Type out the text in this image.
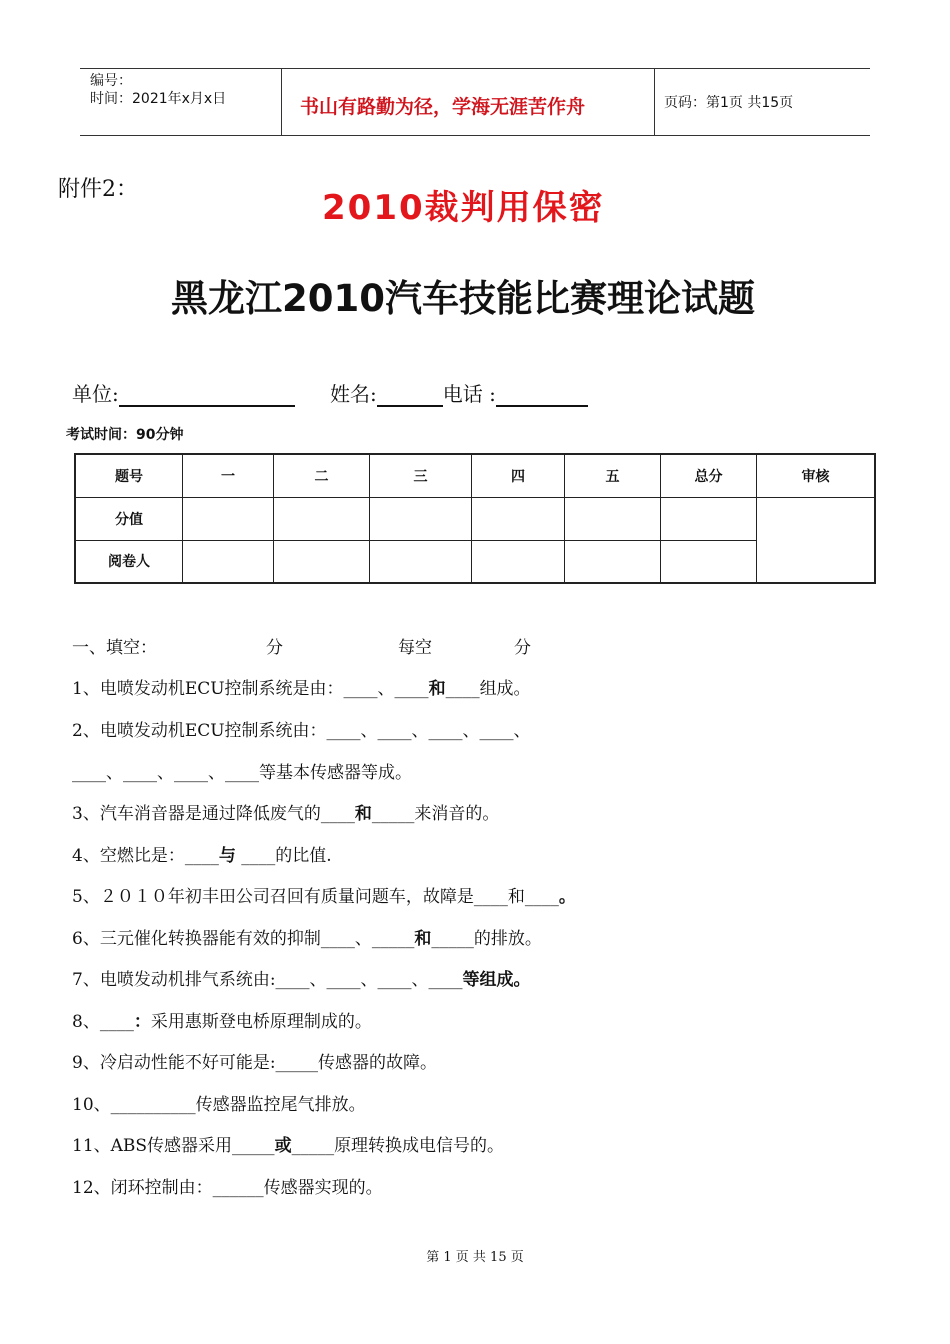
编号：
时间：2021年x月x日	书山有路勤为径，学海无涯苦作舟	页码：第1页 共15页
附件2：	2010裁判用保密
黑龙江2010汽车技能比赛理论试题
单位:	姓名:	电话 :
考试时间：90分钟
题号	一	二	三	四	五	总分	审核
分值							
阅卷人							
一、填空：	分	每空	分
1、电喷发动机ECU控制系统是由：____、____和____组成。
2、电喷发动机ECU控制系统由：____、____、____、____、
____、____、____、____等基本传感器等成。
3、汽车消音器是通过降低废气的____和_____来消音的。
4、空燃比是：____与 ____的比值.
5、２０１０年初丰田公司召回有质量问题车，故障是____和____。
6、三元催化转换器能有效的抑制____、_____和_____的排放。
7、电喷发动机排气系统由:____、____、____、____等组成。
8、____：采用惠斯登电桥原理制成的。
9、冷启动性能不好可能是:_____传感器的故障。
10、__________传感器监控尾气排放。
11、ABS传感器采用_____或_____原理转换成电信号的。
12、闭环控制由：______传感器实现的。
第 1 页 共 15 页
